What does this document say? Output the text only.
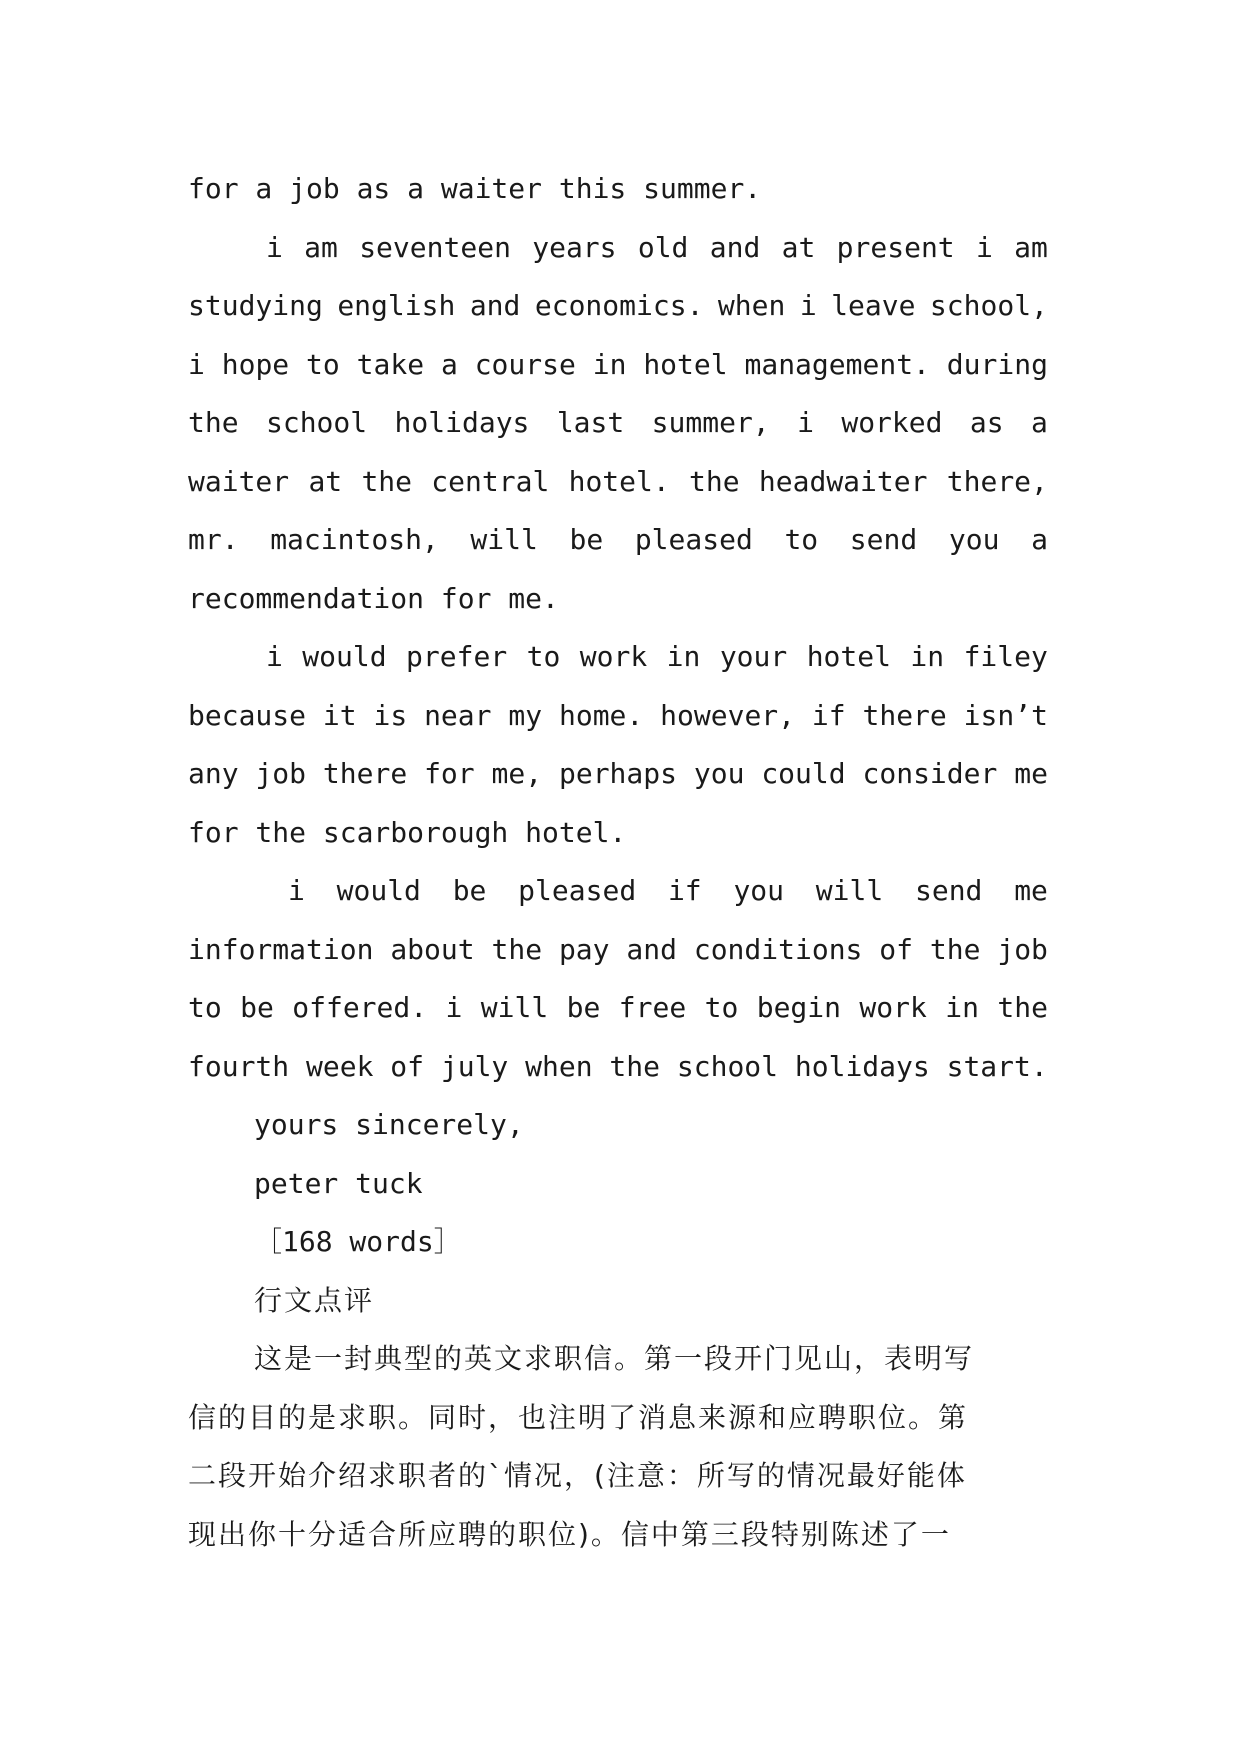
for a job as a waiter this summer.
i am seventeen years old and at present i am
studying english and economics. when i leave school,
i hope to take a course in hotel management. during
the school holidays last summer, i worked as a
waiter at the central hotel. the headwaiter there,
mr. macintosh, will be pleased to send you a
recommendation for me.
i would prefer to work in your hotel in filey
because it is near my home. however, if there isn’t
any job there for me, perhaps you could consider me
for the scarborough hotel.
i would be pleased if you will send me
information about the pay and conditions of the job
to be offered. i will be free to begin work in the
fourth week of july when the school holidays start.
yours sincerely,
peter tuck
［168 words］
行文点评
这是一封典型的英文求职信。第一段开门见山，表明写
信的目的是求职。同时，也注明了消息来源和应聘职位。第
二段开始介绍求职者的`情况，(注意：所写的情况最好能体
现出你十分适合所应聘的职位)。信中第三段特别陈述了一
